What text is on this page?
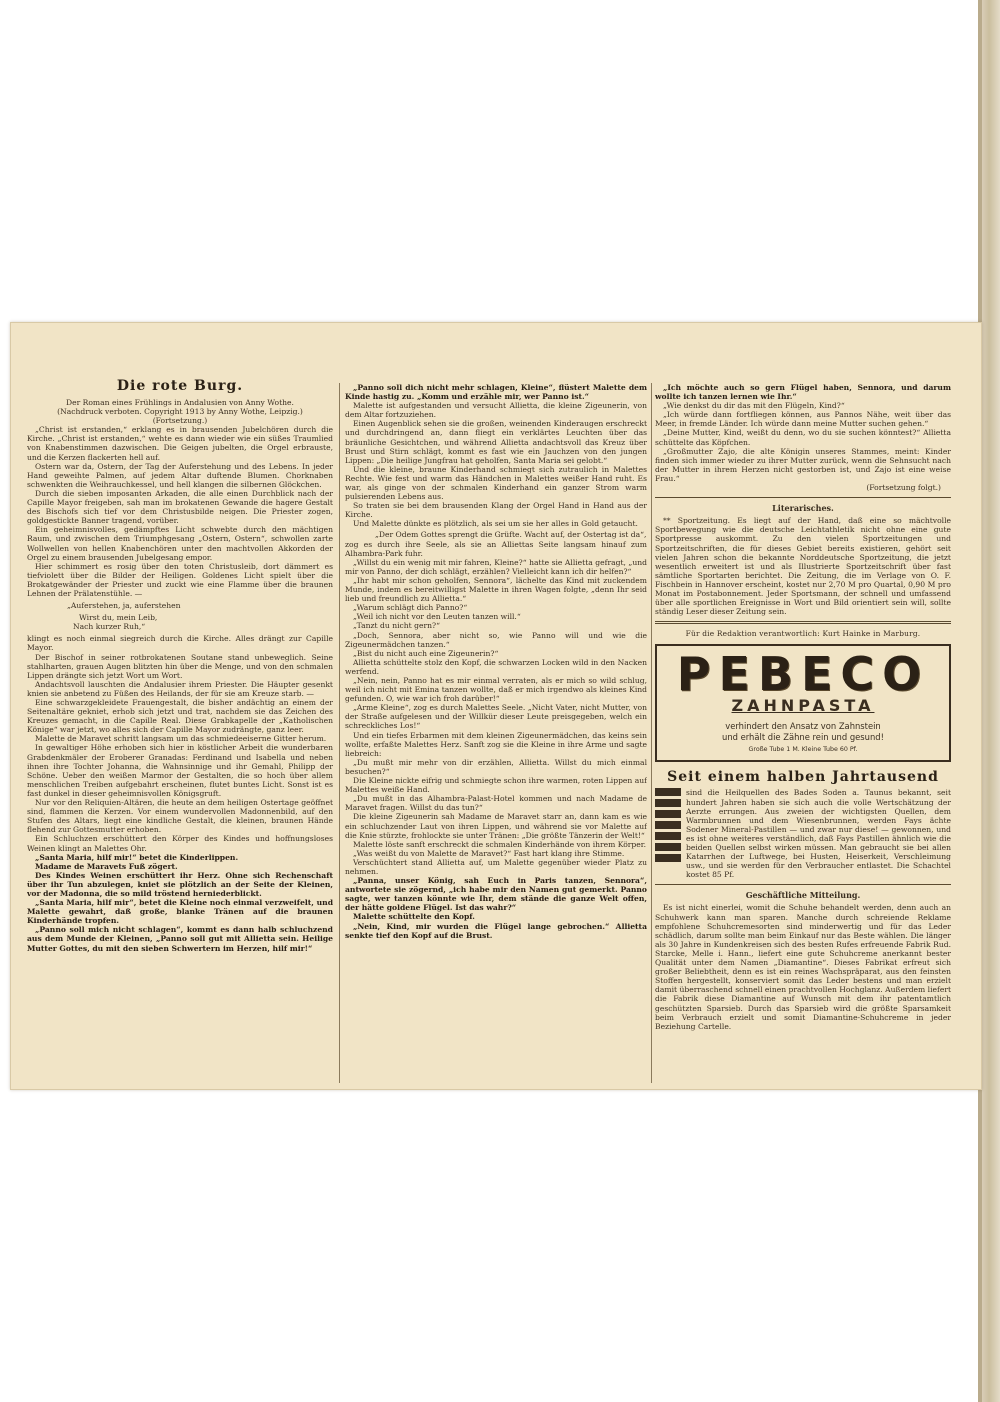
Die rote Burg.
Der Roman eines Frühlings in Andalusien von Anny Wothe.
(Nachdruck verboten. Copyright 1913 by Anny Wothe, Leipzig.)
(Fortsetzung.)
„Christ ist erstanden,“ erklang es in brausenden Jubelchören durch die Kirche. „Christ ist erstanden,“ wehte es dann wieder wie ein süßes Traumlied von Knabenstimmen dazwischen. Die Geigen jubelten, die Orgel erbrauste, und die Kerzen flackerten hell auf.
Ostern war da, Ostern, der Tag der Auferstehung und des Lebens. In jeder Hand geweihte Palmen, auf jedem Altar duftende Blumen. Chorknaben schwenkten die Weihrauchkessel, und hell klangen die silbernen Glöckchen.
Durch die sieben imposanten Arkaden, die alle einen Durchblick nach der Capille Mayor freigeben, sah man im brokatenen Gewande die hagere Gestalt des Bischofs sich tief vor dem Christusbilde neigen. Die Priester zogen, goldgestickte Banner tragend, vorüber.
Ein geheimnisvolles, gedämpftes Licht schwebte durch den mächtigen Raum, und zwischen dem Triumphgesang „Ostern, Ostern“, schwollen zarte Wollwellen von hellen Knabenchören unter den machtvollen Akkorden der Orgel zu einem brausenden Jubelgesang empor.
Hier schimmert es rosig über den toten Christusleib, dort dämmert es tiefviolett über die Bilder der Heiligen. Goldenes Licht spielt über die Brokatgewänder der Priester und zuckt wie eine Flamme über die braunen Lehnen der Prälatenstühle. —
„Auferstehen, ja, auferstehen
Wirst du, mein Leib,
Nach kurzer Ruh,“
klingt es noch einmal siegreich durch die Kirche. Alles drängt zur Capille Mayor.
Der Bischof in seiner rotbrokatenen Soutane stand unbeweglich. Seine stahlharten, grauen Augen blitzten hin über die Menge, und von den schmalen Lippen drängte sich jetzt Wort um Wort.
Andachtsvoll lauschten die Andalusier ihrem Priester. Die Häupter gesenkt knien sie anbetend zu Füßen des Heilands, der für sie am Kreuze starb. —
Eine schwarzgekleidete Frauengestalt, die bisher andächtig an einem der Seitenaltäre gekniet, erhob sich jetzt und trat, nachdem sie das Zeichen des Kreuzes gemacht, in die Capille Real. Diese Grabkapelle der „Katholischen Könige“ war jetzt, wo alles sich der Capille Mayor zudrängte, ganz leer.
Malette de Maravet schritt langsam um das schmiedeeiserne Gitter herum.
In gewaltiger Höhe erhoben sich hier in köstlicher Arbeit die wunderbaren Grabdenkmäler der Eroberer Granadas: Ferdinand und Isabella und neben ihnen ihre Tochter Johanna, die Wahnsinnige und ihr Gemahl, Philipp der Schöne. Ueber den weißen Marmor der Gestalten, die so hoch über allem menschlichen Treiben aufgebahrt erscheinen, flutet buntes Licht. Sonst ist es fast dunkel in dieser geheimnisvollen Königsgruft.
Nur vor den Reliquien-Altären, die heute an dem heiligen Ostertage geöffnet sind, flammen die Kerzen. Vor einem wundervollen Madonnenbild, auf den Stufen des Altars, liegt eine kindliche Gestalt, die kleinen, braunen Hände flehend zur Gottesmutter erhoben.
Ein Schluchzen erschüttert den Körper des Kindes und hoffnungsloses Weinen klingt an Malettes Ohr.
„Santa Maria, hilf mir!“ betet die Kinderlippen.
Madame de Maravets Fuß zögert.
Des Kindes Weinen erschüttert ihr Herz. Ohne sich Rechenschaft über ihr Tun abzulegen, kniet sie plötzlich an der Seite der Kleinen, vor der Madonna, die so mild tröstend herniederblickt.
„Santa Maria, hilf mir“, betet die Kleine noch einmal verzweifelt, und Malette gewahrt, daß große, blanke Tränen auf die braunen Kinderhände tropfen.
„Panno soll mich nicht schlagen“, kommt es dann halb schluchzend aus dem Munde der Kleinen, „Panno soll gut mit Allietta sein. Heilige Mutter Gottes, du mit den sieben Schwertern im Herzen, hilf mir!“
„Panno soll dich nicht mehr schlagen, Kleine“, flüstert Malette dem Kinde hastig zu. „Komm und erzähle mir, wer Panno ist.“
Malette ist aufgestanden und versucht Allietta, die kleine Zigeunerin, von dem Altar fortzuziehen.
Einen Augenblick sehen sie die großen, weinenden Kinderaugen erschreckt und durchdringend an, dann fliegt ein verklärtes Leuchten über das bräunliche Gesichtchen, und während Allietta andachtsvoll das Kreuz über Brust und Stirn schlägt, kommt es fast wie ein Jauchzen von den jungen Lippen: „Die heilige Jungfrau hat geholfen, Santa Maria sei gelobt.“
Und die kleine, braune Kinderhand schmiegt sich zutraulich in Malettes Rechte. Wie fest und warm das Händchen in Malettes weißer Hand ruht. Es war, als ginge von der schmalen Kinderhand ein ganzer Strom warm pulsierenden Lebens aus.
So traten sie bei dem brausenden Klang der Orgel Hand in Hand aus der Kirche.
Und Malette dünkte es plötzlich, als sei um sie her alles in Gold getaucht.
„Der Odem Gottes sprengt die Grüfte. Wacht auf, der Ostertag ist da“,
zog es durch ihre Seele, als sie an Alliettas Seite langsam hinauf zum Alhambra-Park fuhr.
„Willst du ein wenig mit mir fahren, Kleine?“ hatte sie Allietta gefragt, „und mir von Panno, der dich schlägt, erzählen? Vielleicht kann ich dir helfen?“
„Ihr habt mir schon geholfen, Sennora“, lächelte das Kind mit zuckendem Munde, indem es bereitwilligst Malette in ihren Wagen folgte, „denn Ihr seid lieb und freundlich zu Allietta.“
„Warum schlägt dich Panno?“
„Weil ich nicht vor den Leuten tanzen will.“
„Tanzt du nicht gern?“
„Doch, Sennora, aber nicht so, wie Panno will und wie die Zigeunermädchen tanzen.“
„Bist du nicht auch eine Zigeunerin?“
Allietta schüttelte stolz den Kopf, die schwarzen Locken wild in den Nacken werfend.
„Nein, nein, Panno hat es mir einmal verraten, als er mich so wild schlug, weil ich nicht mit Emina tanzen wollte, daß er mich irgendwo als kleines Kind gefunden. O, wie war ich froh darüber!“
„Arme Kleine“, zog es durch Malettes Seele. „Nicht Vater, nicht Mutter, von der Straße aufgelesen und der Willkür dieser Leute preisgegeben, welch ein schreckliches Los!“
Und ein tiefes Erbarmen mit dem kleinen Zigeunermädchen, das keins sein wollte, erfaßte Malettes Herz. Sanft zog sie die Kleine in ihre Arme und sagte liebreich:
„Du mußt mir mehr von dir erzählen, Allietta. Willst du mich einmal besuchen?“
Die Kleine nickte eifrig und schmiegte schon ihre warmen, roten Lippen auf Malettes weiße Hand.
„Du mußt in das Alhambra-Palast-Hotel kommen und nach Madame de Maravet fragen. Willst du das tun?“
Die kleine Zigeunerin sah Madame de Maravet starr an, dann kam es wie ein schluchzender Laut von ihren Lippen, und während sie vor Malette auf die Knie stürzte, frohlockte sie unter Tränen: „Die größte Tänzerin der Welt!“
Malette löste sanft erschreckt die schmalen Kinderhände von ihrem Körper.
„Was weißt du von Malette de Maravet?“ Fast hart klang ihre Stimme.
Verschüchtert stand Allietta auf, um Malette gegenüber wieder Platz zu nehmen.
„Panna, unser König, sah Euch in Paris tanzen, Sennora“, antwortete sie zögernd, „ich habe mir den Namen gut gemerkt. Panno sagte, wer tanzen könnte wie Ihr, dem stände die ganze Welt offen, der hätte goldene Flügel. Ist das wahr?“
Malette schüttelte den Kopf.
„Nein, Kind, mir wurden die Flügel lange gebrochen.“ Allietta senkte tief den Kopf auf die Brust.
„Ich möchte auch so gern Flügel haben, Sennora, und darum wollte ich tanzen lernen wie Ihr.“
„Wie denkst du dir das mit den Flügeln, Kind?“
„Ich würde dann fortfliegen können, aus Pannos Nähe, weit über das Meer, in fremde Länder. Ich würde dann meine Mutter suchen gehen.“
„Deine Mutter, Kind, weißt du denn, wo du sie suchen könntest?“ Allietta schüttelte das Köpfchen.
„Großmutter Zajo, die alte Königin unseres Stammes, meint: Kinder finden sich immer wieder zu ihrer Mutter zurück, wenn die Sehnsucht nach der Mutter in ihrem Herzen nicht gestorben ist, und Zajo ist eine weise Frau.“
(Fortsetzung folgt.)
Literarisches.
** Sportzeitung. Es liegt auf der Hand, daß eine so mächtvolle Sportbewegung wie die deutsche Leichtathletik nicht ohne eine gute Sportpresse auskommt. Zu den vielen Sportzeitungen und Sportzeitschriften, die für dieses Gebiet bereits existieren, gehört seit vielen Jahren schon die bekannte Norddeutsche Sportzeitung, die jetzt wesentlich erweitert ist und als Illustrierte Sportzeitschrift über fast sämtliche Sportarten berichtet. Die Zeitung, die im Verlage von O. F. Fischbein in Hannover erscheint, kostet nur 2,70 M pro Quartal, 0,90 M pro Monat im Postabonnement. Jeder Sportsmann, der schnell und umfassend über alle sportlichen Ereignisse in Wort und Bild orientiert sein will, sollte ständig Leser dieser Zeitung sein.
Für die Redaktion verantwortlich: Kurt Hainke in Marburg.
PEBECO
ZAHNPASTA
verhindert den Ansatz von Zahnstein
und erhält die Zähne rein und gesund!
Große Tube 1 M. Kleine Tube 60 Pf.
Seit einem halben Jahrtausend
sind die Heilquellen des Bades Soden a. Taunus bekannt, seit hundert Jahren haben sie sich auch die volle Wertschätzung der Aerzte errungen. Aus zweien der wichtigsten Quellen, dem Warmbrunnen und dem Wiesenbrunnen, werden Fays ächte Sodener Mineral-Pastillen — und zwar nur diese! — gewonnen, und es ist ohne weiteres verständlich, daß Fays Pastillen ähnlich wie die beiden Quellen selbst wirken müssen. Man gebraucht sie bei allen Katarrhen der Luftwege, bei Husten, Heiserkeit, Verschleimung usw., und sie werden für den Verbraucher entlastet. Die Schachtel kostet 85 Pf.
Geschäftliche Mitteilung.
Es ist nicht einerlei, womit die Schuhe behandelt werden, denn auch an Schuhwerk kann man sparen. Manche durch schreiende Reklame empfohlene Schuhcremesorten sind minderwertig und für das Leder schädlich, darum sollte man beim Einkauf nur das Beste wählen. Die länger als 30 Jahre in Kundenkreisen sich des besten Rufes erfreuende Fabrik Rud. Starcke, Melle i. Hann., liefert eine gute Schuhcreme anerkannt bester Qualität unter dem Namen „Diamantine“. Dieses Fabrikat erfreut sich großer Beliebtheit, denn es ist ein reines Wachspräparat, aus den feinsten Stoffen hergestellt, konserviert somit das Leder bestens und man erzielt damit überraschend schnell einen prachtvollen Hochglanz. Außerdem liefert die Fabrik diese Diamantine auf Wunsch mit dem ihr patentamtlich geschützten Sparsieb. Durch das Sparsieb wird die größte Sparsamkeit beim Verbrauch erzielt und somit Diamantine-Schuhcreme in jeder Beziehung Cartelle.
